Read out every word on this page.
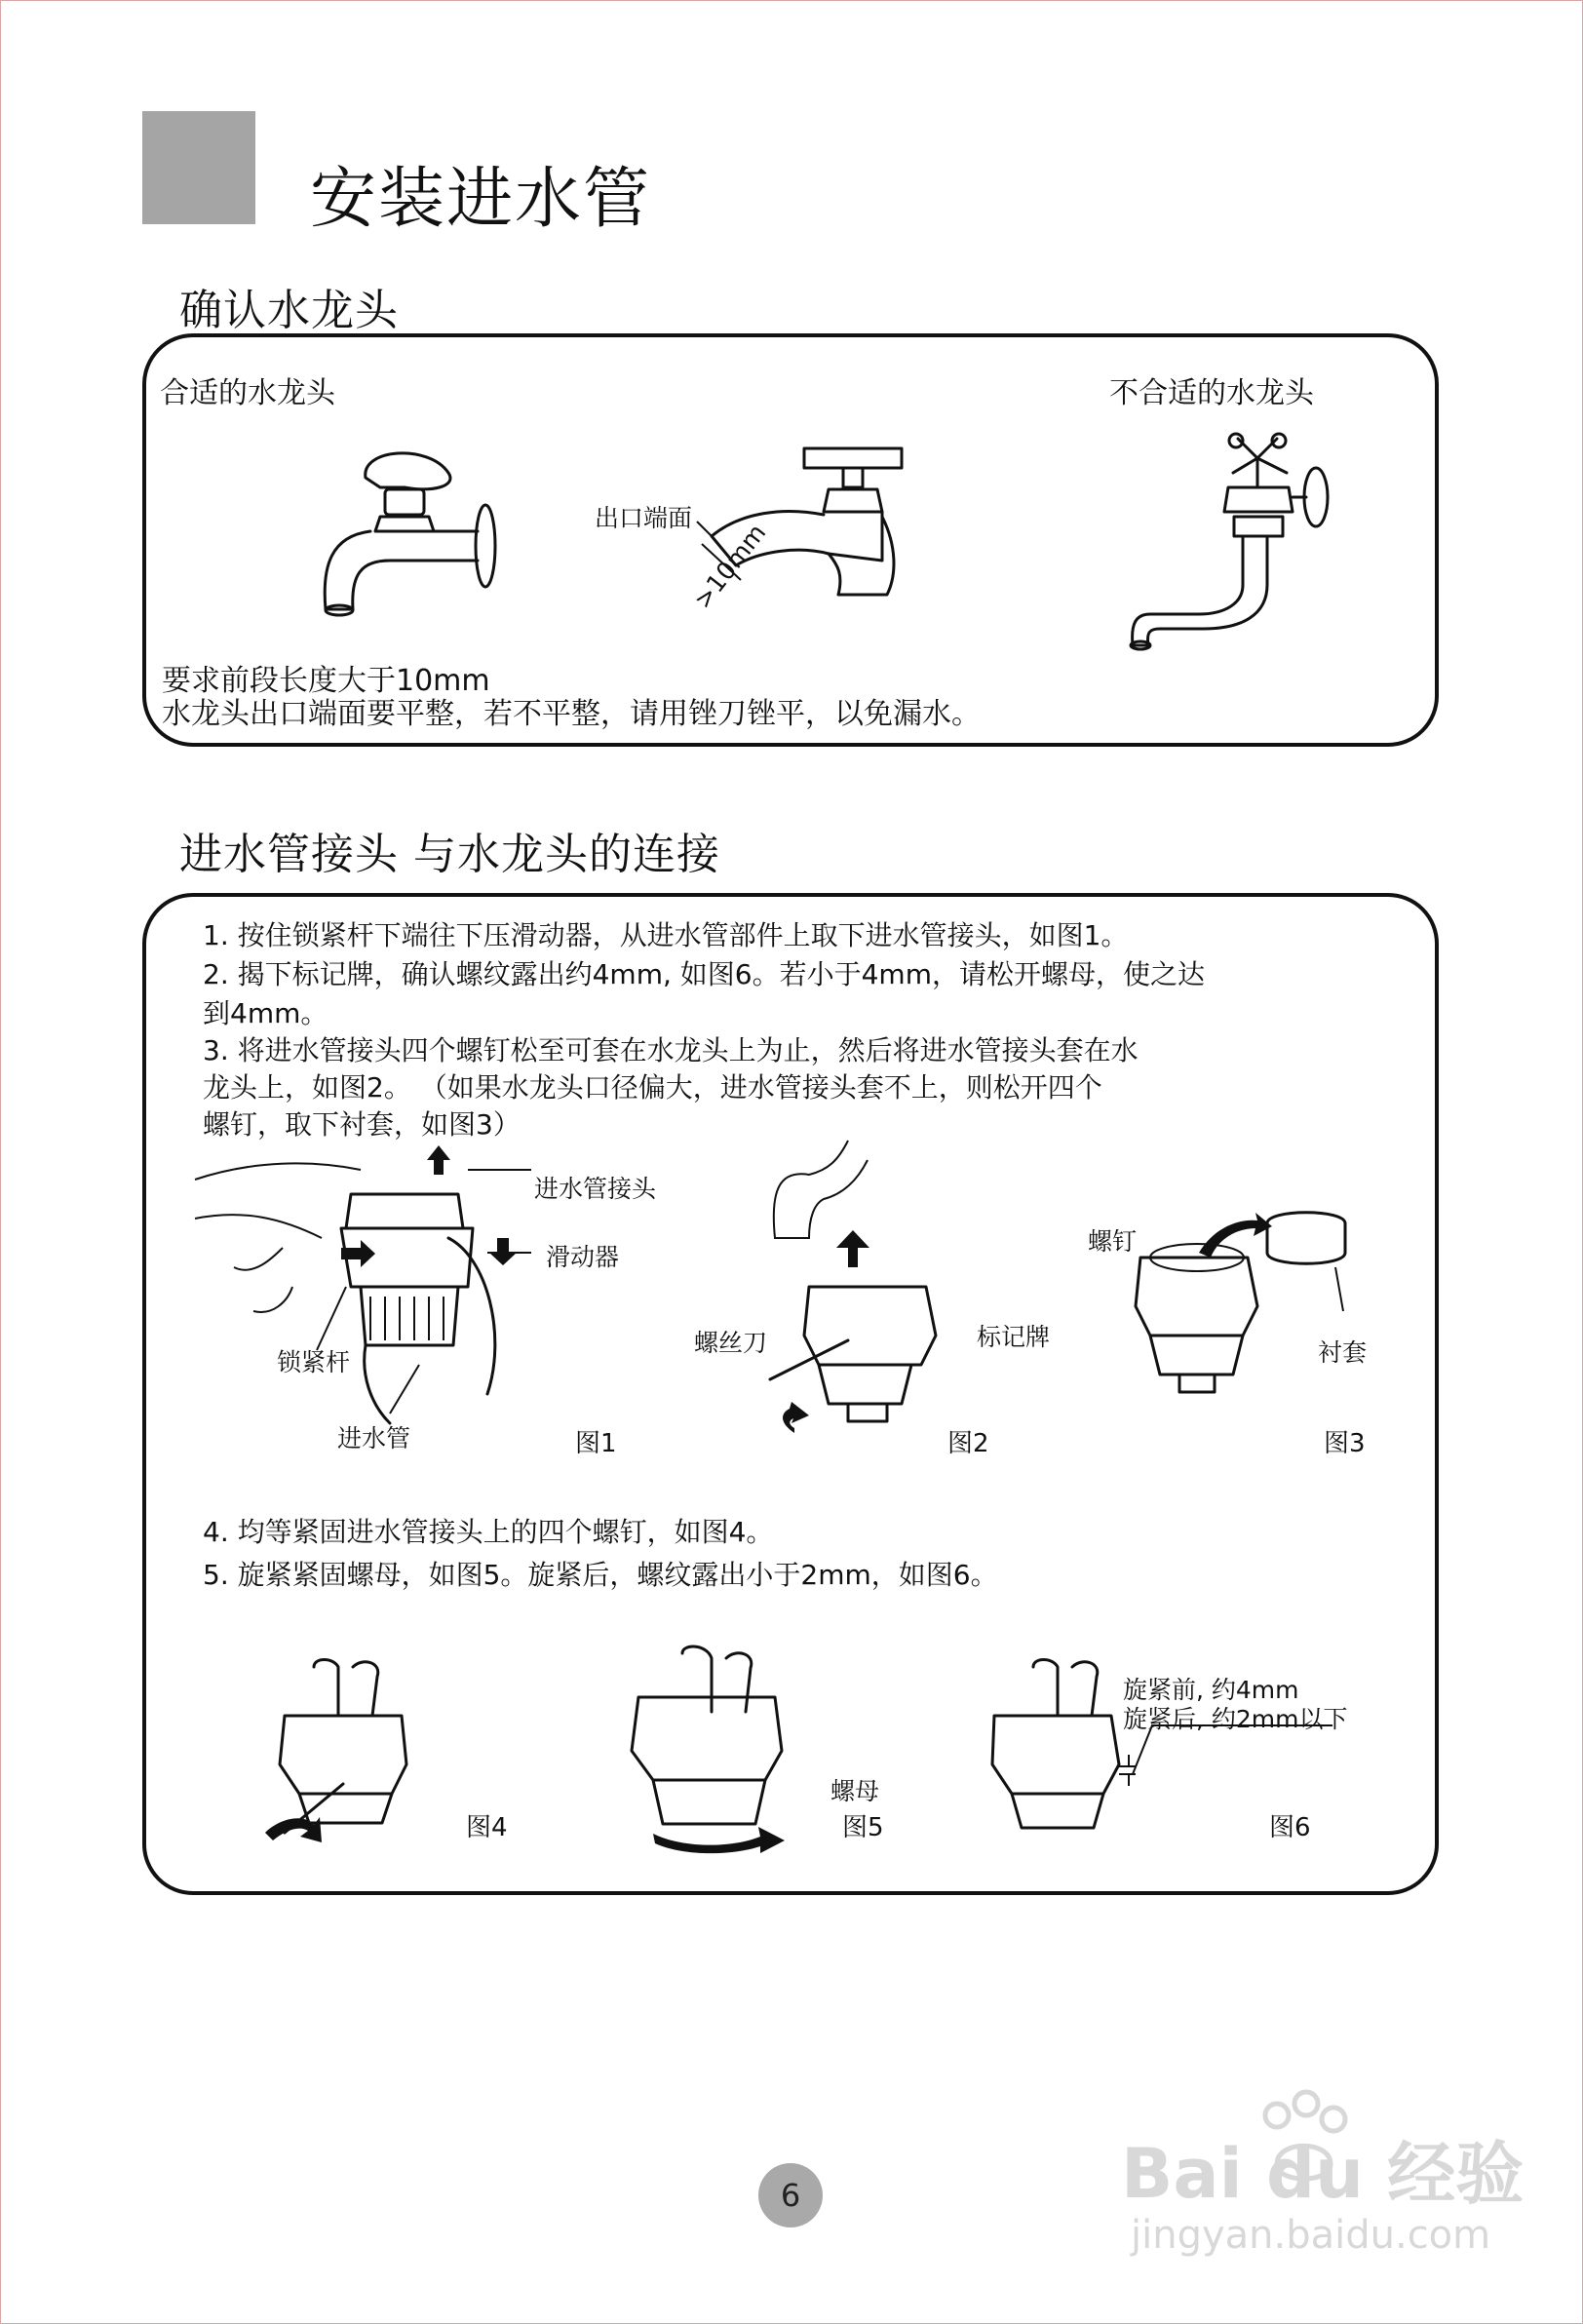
安装进水管
确认水龙头
合适的水龙头	不合适的水龙头
出口端面
>10mm
要求前段长度大于10mm
水龙头出口端面要平整，若不平整，请用锉刀锉平，以免漏水。
进水管接头 与水龙头的连接
1. 按住锁紧杆下端往下压滑动器，从进水管部件上取下进水管接头，如图1。
2. 揭下标记牌，确认螺纹露出约4mm, 如图6。若小于4mm，请松开螺母，使之达
到4mm。
3. 将进水管接头四个螺钉松至可套在水龙头上为止，然后将进水管接头套在水
龙头上，如图2。 （如果水龙头口径偏大，进水管接头套不上，则松开四个
螺钉，取下衬套，如图3）
进水管接头
滑动器
锁紧杆
进水管	图1
螺丝刀	标记牌
图2
螺钉
衬套
图3
4. 均等紧固进水管接头上的四个螺钉，如图4。
5. 旋紧紧固螺母，如图5。旋紧后，螺纹露出小于2mm，如图6。
图4
螺母
图5
旋紧前, 约4mm
旋紧后, 约2mm以下
图6
6	Bai du 经验
jingyan.baidu.com
